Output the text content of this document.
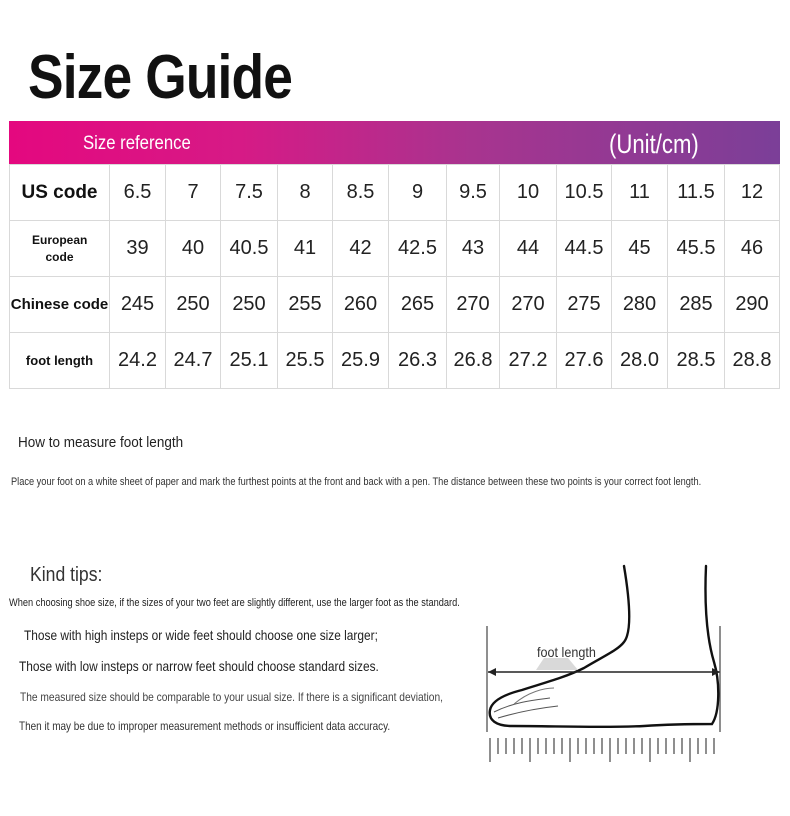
Size Guide
Size reference	(Unit/cm)
US code	6.5	7	7.5	8	8.5	9	9.5	10	10.5	11	11.5	12
European code	39	40	40.5	41	42	42.5	43	44	44.5	45	45.5	46
Chinese code	245	250	250	255	260	265	270	270	275	280	285	290
foot length	24.2	24.7	25.1	25.5	25.9	26.3	26.8	27.2	27.6	28.0	28.5	28.8
How to measure foot length
Place your foot on a white sheet of paper and mark the furthest points at the front and back with a pen. The distance between these two points is your correct foot length.
Kind tips:
When choosing shoe size, if the sizes of your two feet are slightly different, use the larger foot as the standard.
Those with high insteps or wide feet should choose one size larger;
Those with low insteps or narrow feet should choose standard sizes.
The measured size should be comparable to your usual size. If there is a significant deviation,
Then it may be due to improper measurement methods or insufficient data accuracy.
foot length
